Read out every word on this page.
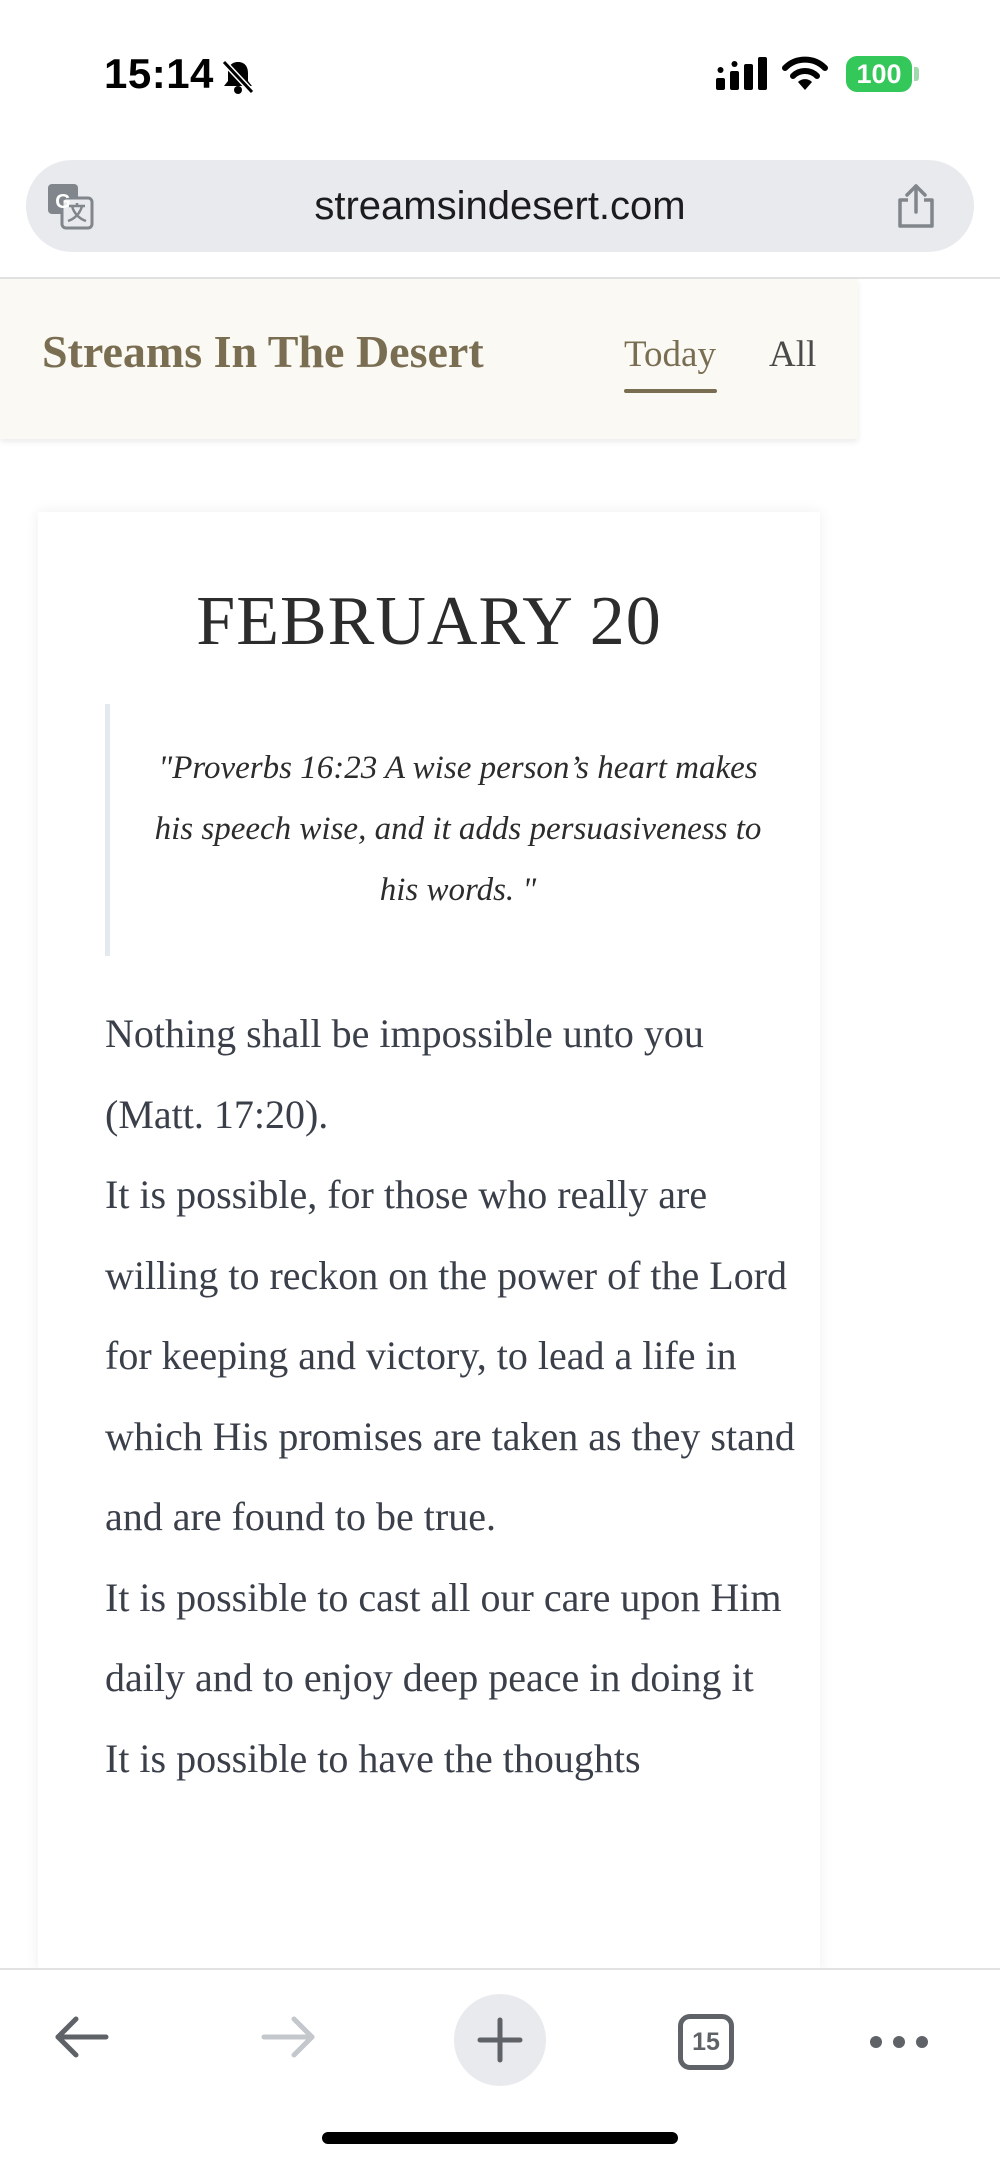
15:14	100
streamsindesert.com
G
Streams In The Desert	Today All
FEBRUARY 20
"Proverbs 16:23 A wise person’s heart makes his speech wise, and it adds persuasiveness to his words. "

Nothing shall be impossible unto you (Matt. 17:20).

It is possible, for those who really are willing to reckon on the power of the Lord for keeping and victory, to lead a life in

which His promises are taken as they stand and are found to be true.

It is possible to cast all our care upon Him daily and to enjoy deep peace in doing it

It is possible to have the thoughts

15
